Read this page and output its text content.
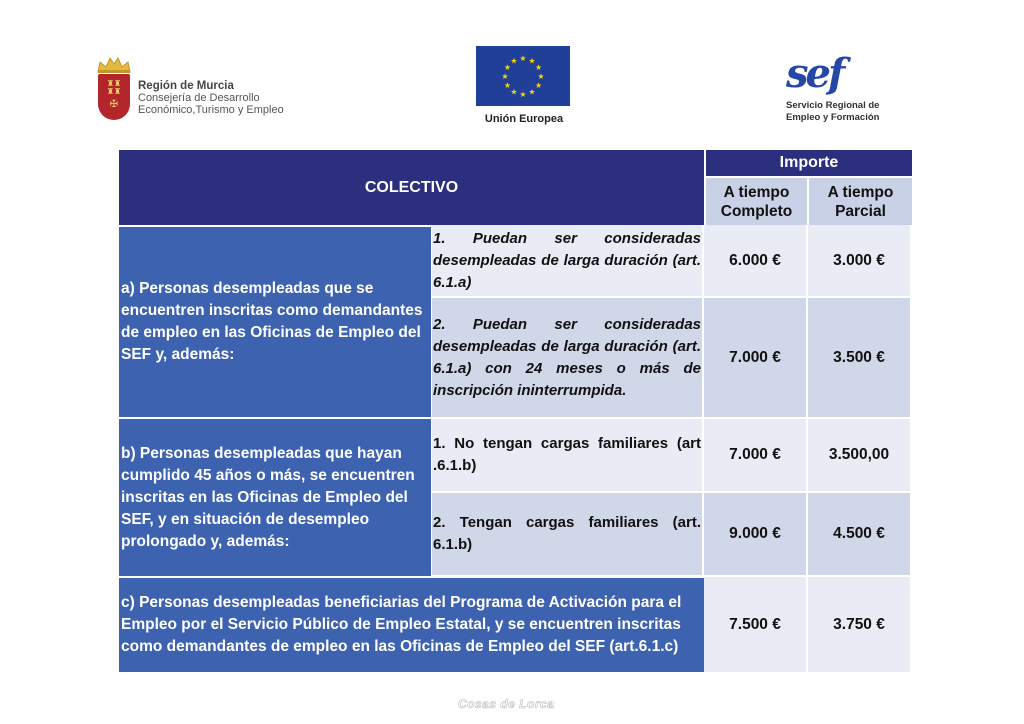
♜♜
♜♜
✠
Región de Murcia
Consejería de Desarrollo
Económico,Turismo y Empleo
★
★
★
★
★
★
★
★
★ ★ ★
★
Unión Europea
sef
Servicio Regional de
Empleo y Formación
COLECTIVO
Importe
A tiempo
Completo
A tiempo
Parcial
a) Personas desempleadas que se encuentren inscritas como demandantes de empleo en las Oficinas de Empleo del SEF y, además:
1. Puedan ser consideradas desempleadas de larga duración (art. 6.1.a)
6.000 €	3.000 €
2. Puedan ser consideradas desempleadas de larga duración (art. 6.1.a) con 24 meses o más de inscripción ininterrumpida.
7.000 €	3.500 €
b) Personas desempleadas que hayan cumplido 45 años o más, se encuentren inscritas en las Oficinas de Empleo del SEF, y en situación de desempleo prolongado y, además:
1. No tengan cargas familiares (art .6.1.b)
7.000 €	3.500,00
2. Tengan cargas familiares (art. 6.1.b)
9.000 €	4.500 €
c) Personas desempleadas beneficiarias del Programa de Activación para el Empleo por el Servicio Público de Empleo Estatal, y se encuentren inscritas como demandantes de empleo en las Oficinas de Empleo del SEF (art.6.1.c)
7.500 €	3.750 €
Cosas de Lorca
